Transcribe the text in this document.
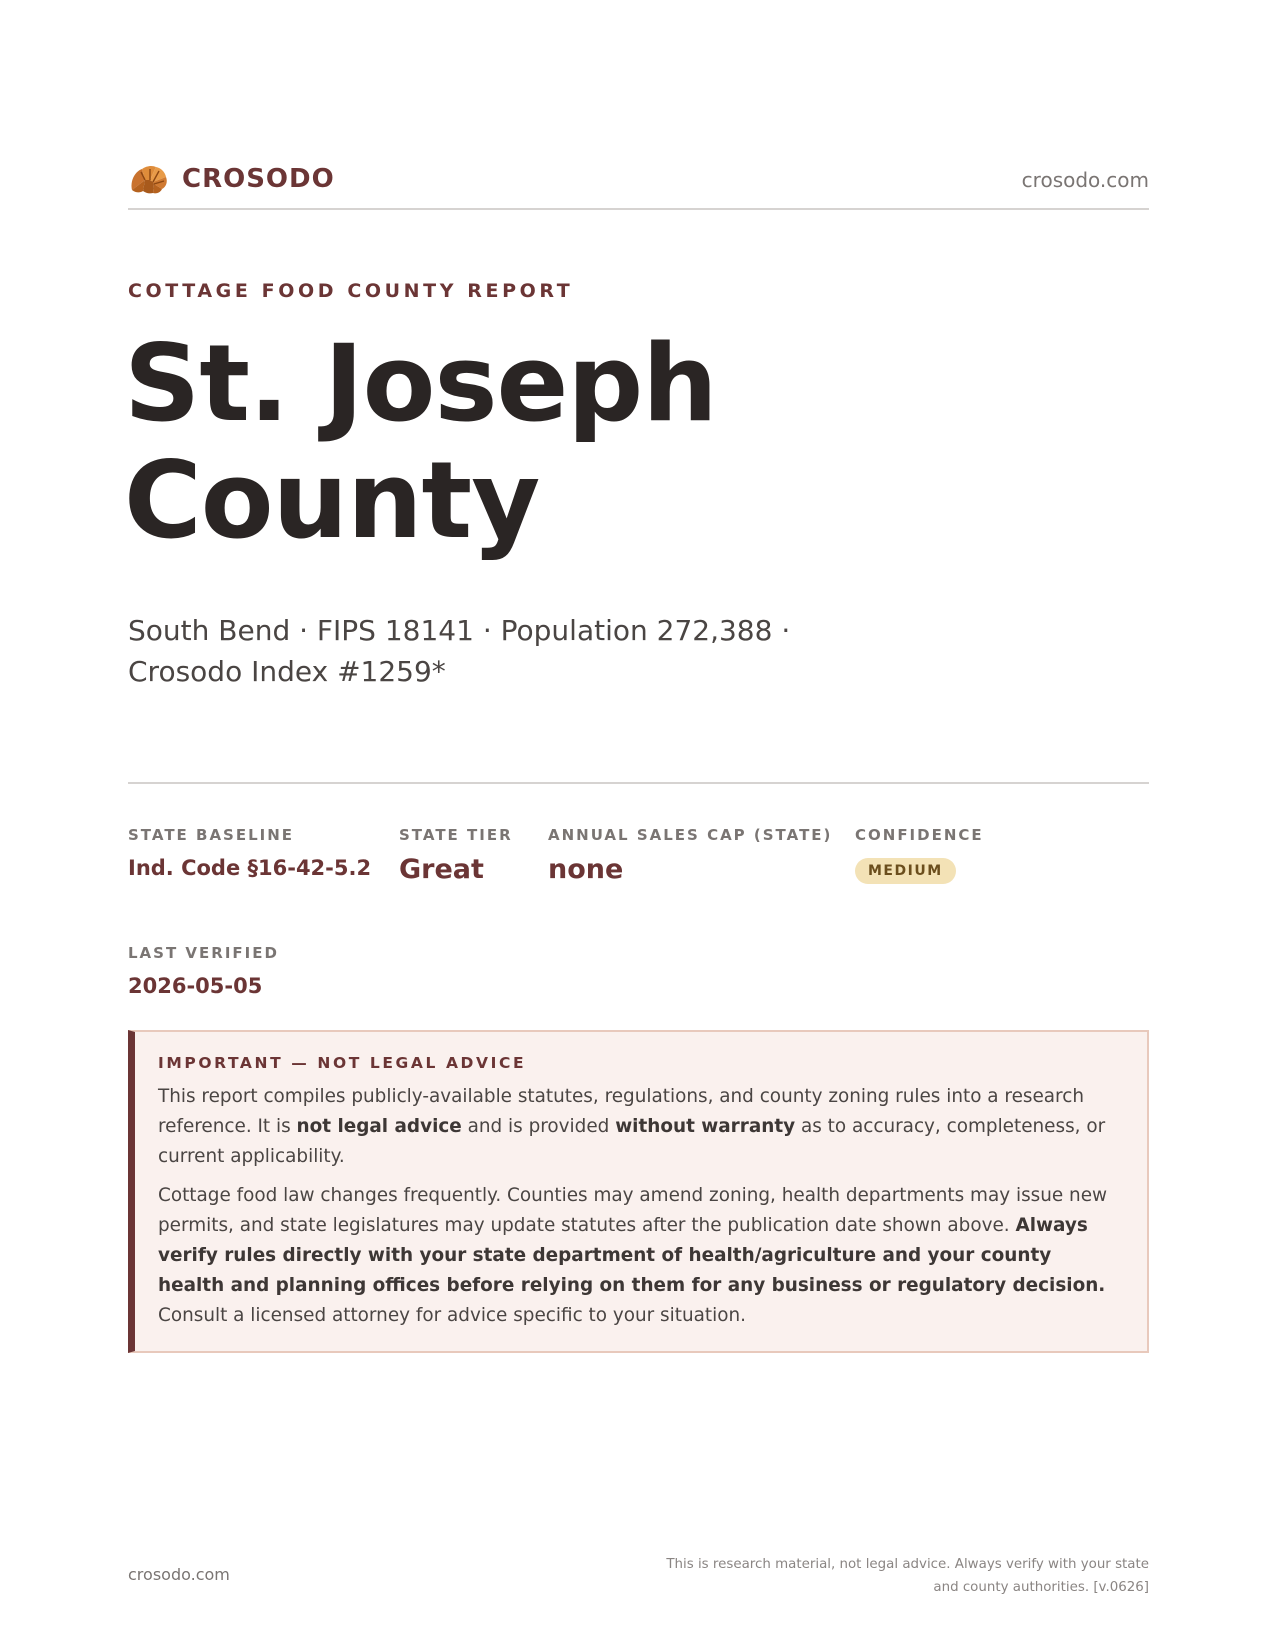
CROSODO	crosodo.com
COTTAGE FOOD COUNTY REPORT
St. Joseph
County
South Bend · FIPS 18141 · Population 272,388 · Crosodo Index #1259*
STATE BASELINE
Ind. Code §16-42-5.2
STATE TIER
Great
ANNUAL SALES CAP (STATE)
none
CONFIDENCE
MEDIUM
LAST VERIFIED
2026-05-05
IMPORTANT — NOT LEGAL ADVICE

This report compiles publicly-available statutes, regulations, and county zoning rules into a research reference. It is not legal advice and is provided without warranty as to accuracy, completeness, or current applicability.

Cottage food law changes frequently. Counties may amend zoning, health departments may issue new permits, and state legislatures may update statutes after the publication date shown above. Always verify rules directly with your state department of health/agriculture and your county health and planning offices before relying on them for any business or regulatory decision. Consult a licensed attorney for advice specific to your situation.

crosodo.com
This is research material, not legal advice. Always verify with your state
and county authorities. [v.0626]
